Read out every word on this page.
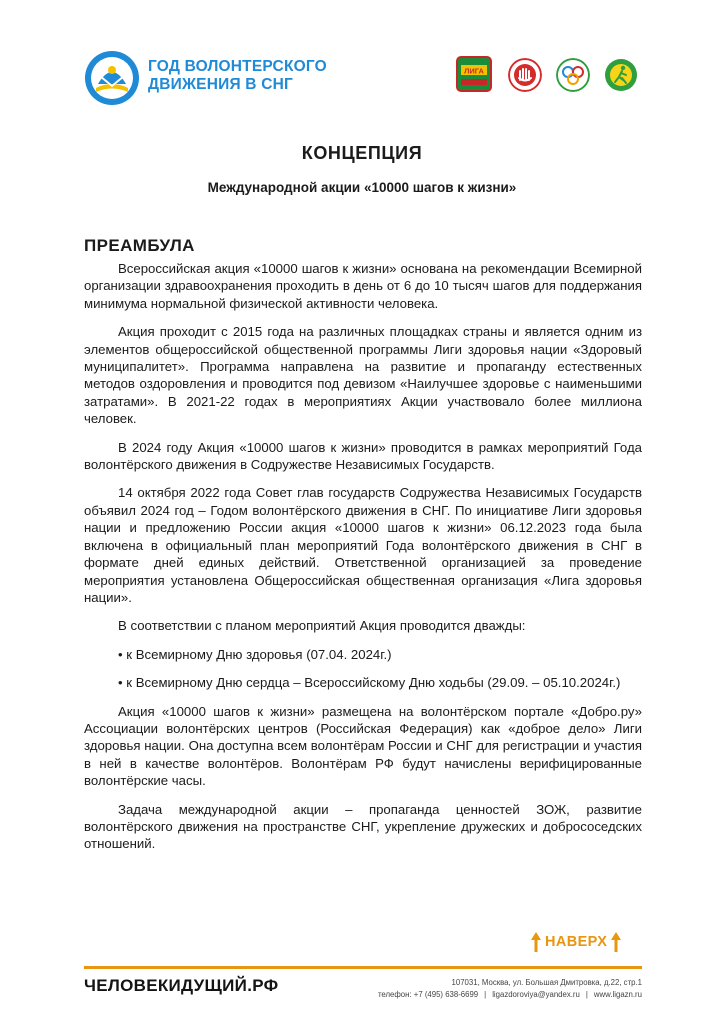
ГОД ВОЛОНТЕРСКОГО
ДВИЖЕНИЯ В СНГ
ЛИГА
КОНЦЕПЦИЯ
Международной акции «10000 шагов к жизни»
ПРЕАМБУЛА

Всероссийская акция «10000 шагов к жизни» основана на рекомендации Всемирной организации здравоохранения проходить в день от 6 до 10 тысяч шагов для поддержания минимума нормальной физической активности человека.

Акция проходит с 2015 года на различных площадках страны и является одним из элементов общероссийской общественной программы Лиги здоровья нации «Здоровый муниципалитет». Программа направлена на развитие и пропаганду естественных методов оздоровления и проводится под девизом «Наилучшее здоровье с наименьшими затратами». В 2021-22 годах в мероприятиях Акции участвовало более миллиона человек.

В 2024 году Акция «10000 шагов к жизни» проводится в рамках мероприятий Года волонтёрского движения в Содружестве Независимых Государств.

14 октября 2022 года Совет глав государств Содружества Независимых Государств объявил 2024 год – Годом волонтёрского движения в СНГ. По инициативе Лиги здоровья нации и предложению России акция «10000 шагов к жизни» 06.12.2023 года была включена в официальный план мероприятий Года волонтёрского движения в СНГ в формате дней единых действий. Ответственной организацией за проведение мероприятия установлена Общероссийская общественная организация «Лига здоровья нации».

В соответствии с планом мероприятий Акция проводится дважды:

• к Всемирному Дню здоровья (07.04. 2024г.)

• к Всемирному Дню сердца – Всероссийскому Дню ходьбы (29.09. – 05.10.2024г.)

Акция «10000 шагов к жизни» размещена на волонтёрском портале «Добро.ру» Ассоциации волонтёрских центров (Российская Федерация) как «доброе дело» Лиги здоровья нации. Она доступна всем волонтёрам России и СНГ для регистрации и участия в ней в качестве волонтёров. Волонтёрам РФ будут начислены верифицированные волонтёрские часы.

Задача международной акции – пропаганда ценностей ЗОЖ, развитие волонтёрского движения на пространстве СНГ, укрепление дружеских и добрососедских отношений.

НАВЕРХ
ЧЕЛОВЕКИДУЩИЙ.РФ	107031, Москва, ул. Большая Дмитровка, д.22, стр.1
телефон: +7 (495) 638-6699 | ligazdoroviya@yandex.ru | www.ligazn.ru
